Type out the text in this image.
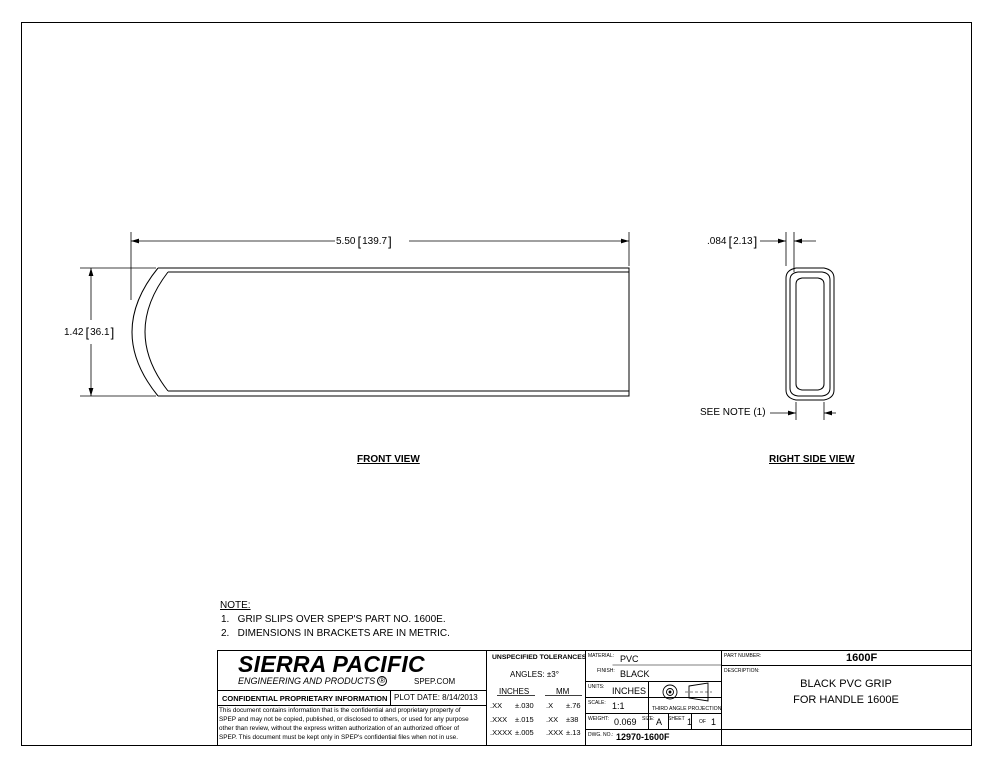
5.50 [ 139.7 ]
1.42 [ 36.1 ]
FRONT VIEW
.084 [ 2.13 ]
SEE NOTE (1)
RIGHT SIDE VIEW
NOTE:
1.   GRIP SLIPS OVER SPEP'S PART NO. 1600E.
2.   DIMENSIONS IN BRACKETS ARE IN METRIC.
SIERRA PACIFIC
ENGINEERING AND PRODUCTS ®	SPEP.COM
CONFIDENTIAL PROPRIETARY INFORMATION PLOT DATE: 8/14/2013
This document contains information that is the confidential and proprietary property of
SPEP and may not be copied, published, or disclosed to others, or used for any purpose
other than review, without the express written authorization of an authorized officer of
SPEP. This document must be kept only in SPEP's confidential files when not in use.
UNSPECIFIED TOLERANCES
ANGLES: ±3°
INCHES	MM
.XX ±.030 .X ±.76
.XXX ±.015 .XX ±38
.XXXX ±.005 .XXX ±.13
MATERIAL: PVC
FINISH: BLACK
UNITS: INCHES
SCALE: 1:1	THIRD ANGLE PROJECTION
WEIGHT: 0.069 SIZE: A SHEET 1 OF 1
DWG. NO.: 12970-1600F
PART NUMBER:	1600F
DESCRIPTION:
BLACK PVC GRIP
FOR HANDLE 1600E
